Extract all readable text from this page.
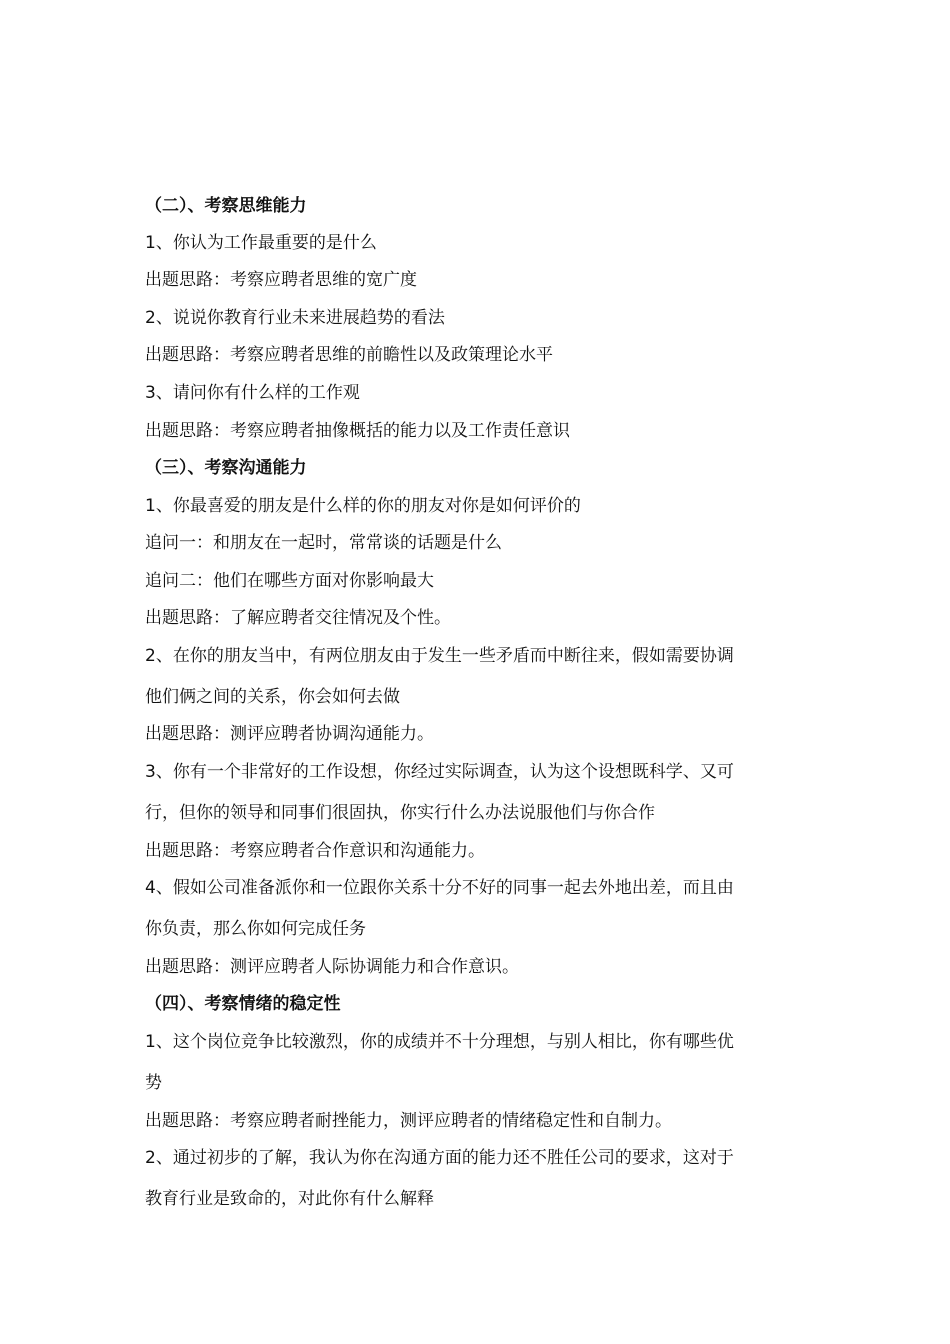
（二）、考察思维能力
1、你认为工作最重要的是什么
出题思路：考察应聘者思维的宽广度
2、说说你教育行业未来进展趋势的看法
出题思路：考察应聘者思维的前瞻性以及政策理论水平
3、请问你有什么样的工作观
出题思路：考察应聘者抽像概括的能力以及工作责任意识
（三）、考察沟通能力
1、你最喜爱的朋友是什么样的你的朋友对你是如何评价的
追问一：和朋友在一起时，常常谈的话题是什么
追问二：他们在哪些方面对你影响最大
出题思路：了解应聘者交往情况及个性。
2、在你的朋友当中，有两位朋友由于发生一些矛盾而中断往来，假如需要协调
他们俩之间的关系，你会如何去做
出题思路：测评应聘者协调沟通能力。
3、你有一个非常好的工作设想，你经过实际调查，认为这个设想既科学、又可
行，但你的领导和同事们很固执，你实行什么办法说服他们与你合作
出题思路：考察应聘者合作意识和沟通能力。
4、假如公司准备派你和一位跟你关系十分不好的同事一起去外地出差，而且由
你负责，那么你如何完成任务
出题思路：测评应聘者人际协调能力和合作意识。
（四）、考察情绪的稳定性
1、这个岗位竞争比较激烈，你的成绩并不十分理想，与别人相比，你有哪些优
势
出题思路：考察应聘者耐挫能力，测评应聘者的情绪稳定性和自制力。
2、通过初步的了解，我认为你在沟通方面的能力还不胜任公司的要求，这对于
教育行业是致命的，对此你有什么解释
